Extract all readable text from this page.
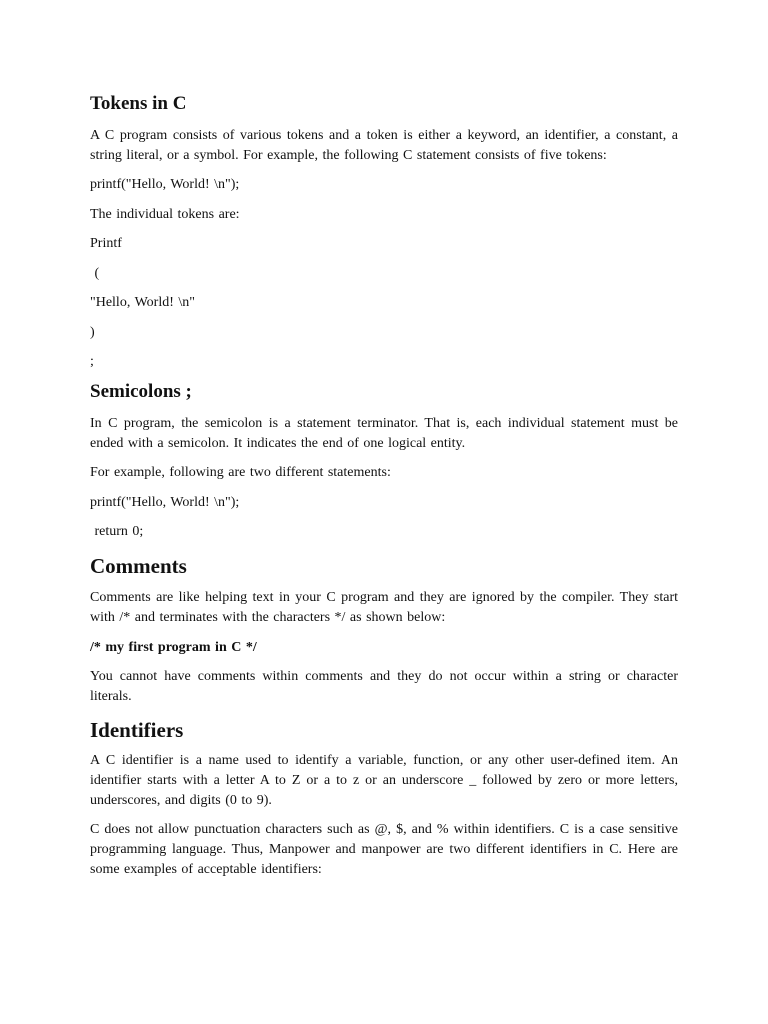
Tokens in C

A C program consists of various tokens and a token is either a keyword, an identifier, a constant, a string literal, or a symbol. For example, the following C statement consists of five tokens:

printf("Hello, World! \n");

The individual tokens are:

Printf

(

"Hello, World! \n"

)

;

Semicolons ;

In C program, the semicolon is a statement terminator. That is, each individual statement must be ended with a semicolon. It indicates the end of one logical entity.

For example, following are two different statements:

printf("Hello, World! \n");

return 0;

Comments

Comments are like helping text in your C program and they are ignored by the compiler. They start with /* and terminates with the characters */ as shown below:

/* my first program in C */

You cannot have comments within comments and they do not occur within a string or character literals.

Identifiers

A C identifier is a name used to identify a variable, function, or any other user-defined item. An identifier starts with a letter A to Z or a to z or an underscore _ followed by zero or more letters, underscores, and digits (0 to 9).

C does not allow punctuation characters such as @, $, and % within identifiers. C is a case sensitive programming language. Thus, Manpower and manpower are two different identifiers in C. Here are some examples of acceptable identifiers:
